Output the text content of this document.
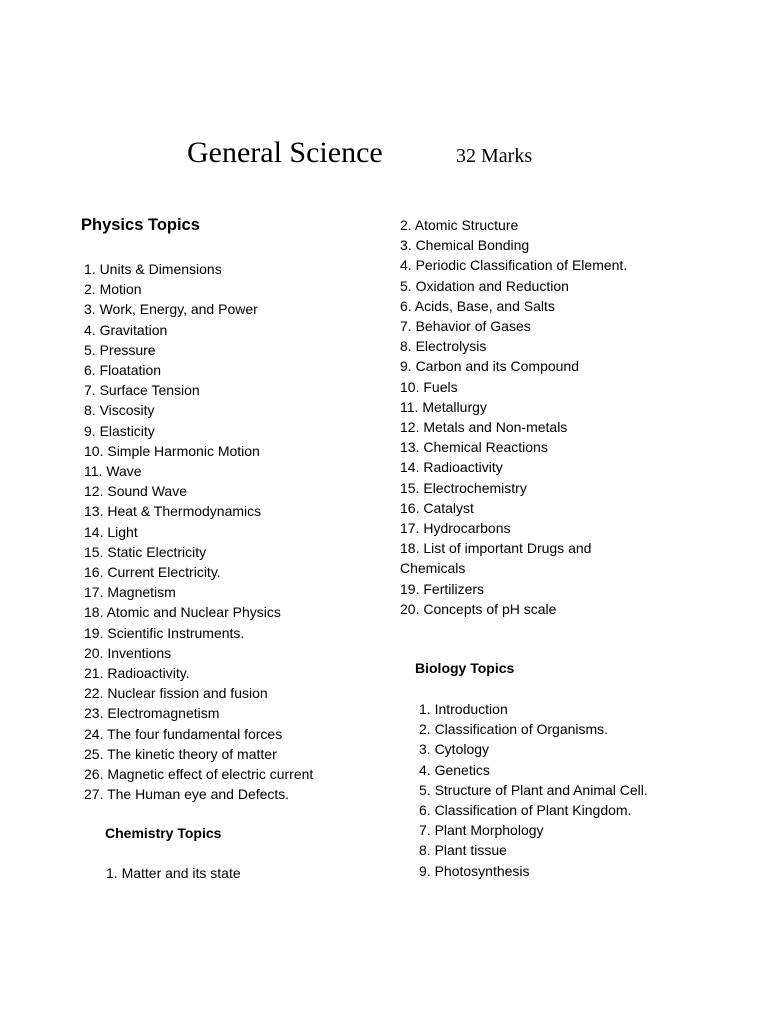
General Science	32 Marks
Physics Topics
1. Units & Dimensions
2. Motion
3. Work, Energy, and Power
4. Gravitation
5. Pressure
6. Floatation
7. Surface Tension
8. Viscosity
9. Elasticity
10. Simple Harmonic Motion
11. Wave
12. Sound Wave
13. Heat & Thermodynamics
14. Light
15. Static Electricity
16. Current Electricity.
17. Magnetism
18. Atomic and Nuclear Physics
19. Scientific Instruments.
20. Inventions
21. Radioactivity.
22. Nuclear fission and fusion
23. Electromagnetism
24. The four fundamental forces
25. The kinetic theory of matter
26. Magnetic effect of electric current
27. The Human eye and Defects.
Chemistry Topics
1. Matter and its state
2. Atomic Structure
3. Chemical Bonding
4. Periodic Classification of Element.
5. Oxidation and Reduction
6. Acids, Base, and Salts
7. Behavior of Gases
8. Electrolysis
9. Carbon and its Compound
10. Fuels
11. Metallurgy
12. Metals and Non-metals
13. Chemical Reactions
14. Radioactivity
15. Electrochemistry
16. Catalyst
17. Hydrocarbons
18. List of important Drugs and
Chemicals
19. Fertilizers
20. Concepts of pH scale
Biology Topics
1. Introduction
2. Classification of Organisms.
3. Cytology
4. Genetics
5. Structure of Plant and Animal Cell.
6. Classification of Plant Kingdom.
7. Plant Morphology
8. Plant tissue
9. Photosynthesis
